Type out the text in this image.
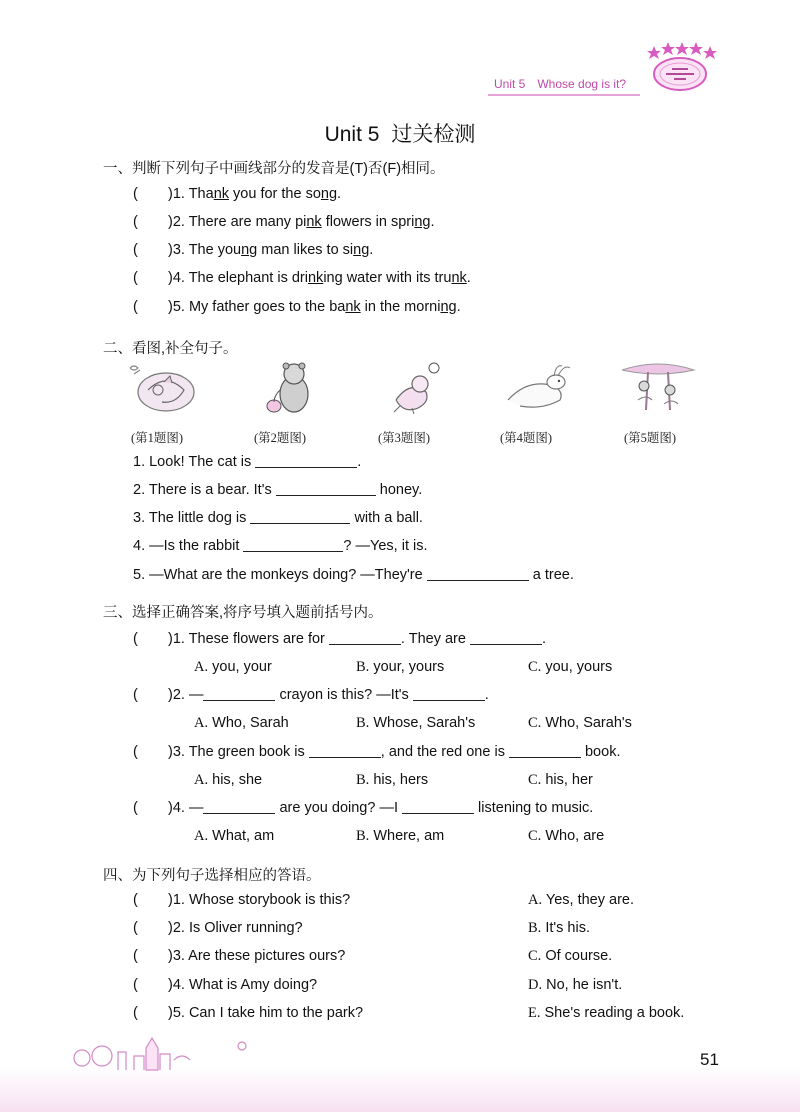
Unit 5 Whose dog is it?
Unit 5 过关检测
一、判断下列句子中画线部分的发音是(T)否(F)相同。
( )1. Thank you for the song.
( )2. There are many pink flowers in spring.
( )3. The young man likes to sing.
( )4. The elephant is drinking water with its trunk.
( )5. My father goes to the bank in the morning.
二、看图,补全句子。
(第1题图)	(第2题图)	(第3题图)	(第4题图)	(第5题图)
1. Look! The cat is	.
2. There is a bear. It's	honey.
3. The little dog is	with a ball.
4. —Is the rabbit	? —Yes, it is.
5. —What are the monkeys doing? —They're	a tree.
三、选择正确答案,将序号填入题前括号内。
( )1. These flowers are for	. They are	.
A. you, your	B. your, yours	C. you, yours
( )2. —	crayon is this? —It's	.
A. Who, Sarah	B. Whose, Sarah's	C. Who, Sarah's
( )3. The green book is	, and the red one is	book.
A. his, she	B. his, hers	C. his, her
( )4. —	are you doing? —I	listening to music.
A. What, am	B. Where, am	C. Who, are
四、为下列句子选择相应的答语。
( )1. Whose storybook is this?	A. Yes, they are.
( )2. Is Oliver running?	B. It's his.
( )3. Are these pictures ours?	C. Of course.
( )4. What is Amy doing?	D. No, he isn't.
( )5. Can I take him to the park?	E. She's reading a book.
51
